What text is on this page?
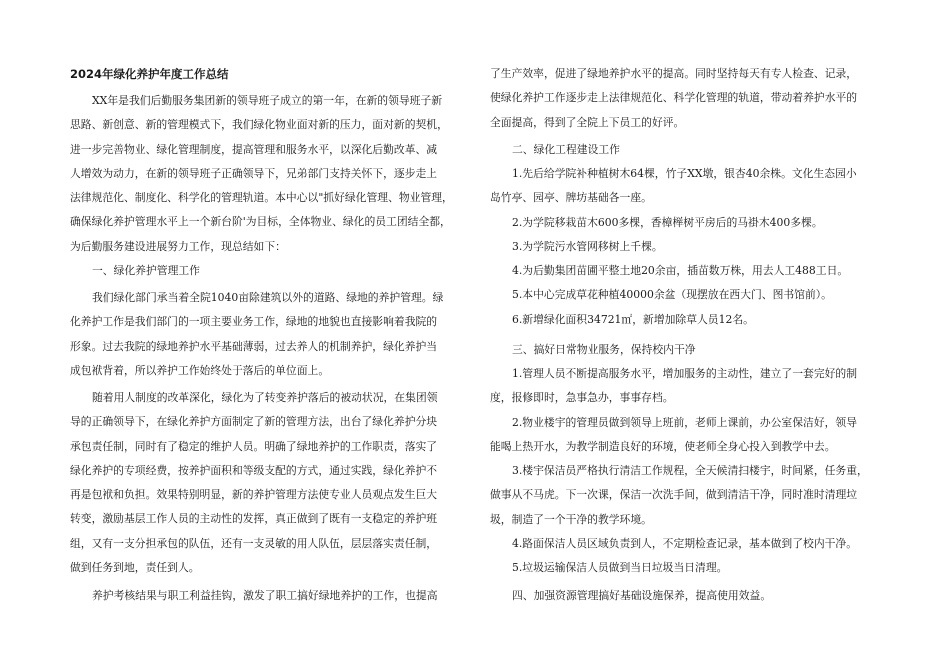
2024年绿化养护年度工作总结
XX年是我们后勤服务集团新的领导班子成立的第一年，在新的领导班子新
思路、新创意、新的管理模式下，我们绿化物业面对新的压力，面对新的契机，
进一步完善物业、绿化管理制度，提高管理和服务水平，以深化后勤改革、减
人增效为动力，在新的领导班子正确领导下，兄弟部门支持关怀下，逐步走上
法律规范化、制度化、科学化的管理轨道。本中心以"抓好绿化管理、物业管理，
确保绿化养护管理水平上一个新台阶'为目标，全体物业、绿化的员工团结全都，
为后勤服务建设进展努力工作，现总结如下：
一、绿化养护管理工作
我们绿化部门承当着全院1040亩除建筑以外的道路、绿地的养护管理。绿
化养护工作是我们部门的一项主要业务工作，绿地的地貌也直接影响着我院的
形象。过去我院的绿地养护水平基础薄弱，过去养人的机制养护，绿化养护当
成包袱背着，所以养护工作始终处于落后的单位面上。
随着用人制度的改革深化，绿化为了转变养护落后的被动状况，在集团领
导的正确领导下，在绿化养护方面制定了新的管理方法，出台了绿化养护分块
承包责任制，同时有了稳定的维护人员。明确了绿地养护的工作职责，落实了
绿化养护的专项经费，按养护面积和等级支配的方式，通过实践，绿化养护不
再是包袱和负担。效果特别明显，新的养护管理方法使专业人员观点发生巨大
转变，激励基层工作人员的主动性的发挥，真正做到了既有一支稳定的养护班
组，又有一支分担承包的队伍，还有一支灵敏的用人队伍，层层落实责任制，
做到任务到地，责任到人。
养护考核结果与职工利益挂钩，激发了职工搞好绿地养护的工作，也提高
了生产效率，促进了绿地养护水平的提高。同时坚持每天有专人检查、记录，
使绿化养护工作逐步走上法律规范化、科学化管理的轨道，带动着养护水平的
全面提高，得到了全院上下员工的好评。
二、绿化工程建设工作
1.先后给学院补种植树木64棵，竹子XX墩，银杏40余株。文化生态园小
岛竹亭、园亭、牌坊基础各一座。
2.为学院移栽苗木600多棵，香樟榉树平房后的马褂木400多棵。
3.为学院污水管网移树上千棵。
4.为后勤集团苗圃平整土地20余亩，插苗数万株，用去人工488工日。
5.本中心完成草花种植40000余盆（现摆放在西大门、图书馆前）。
6.新增绿化面积34721㎡，新增加除草人员12名。
三、搞好日常物业服务，保持校内干净
1.管理人员不断提高服务水平，增加服务的主动性，建立了一套完好的制
度，报修即时，急事急办，事事存档。
2.物业楼宇的管理员做到领导上班前，老师上课前，办公室保洁好，领导
能喝上热开水，为教学制造良好的环境，使老师全身心投入到教学中去。
3.楼宇保洁员严格执行清洁工作规程，全天候清扫楼宇，时间紧，任务重，
做事从不马虎。下一次课，保洁一次洗手间，做到清洁干净，同时准时清理垃
圾，制造了一个干净的教学环境。
4.路面保洁人员区域负责到人，不定期检查记录，基本做到了校内干净。
5.垃圾运输保洁人员做到当日垃圾当日清理。
四、加强资源管理搞好基础设施保养，提高使用效益。
